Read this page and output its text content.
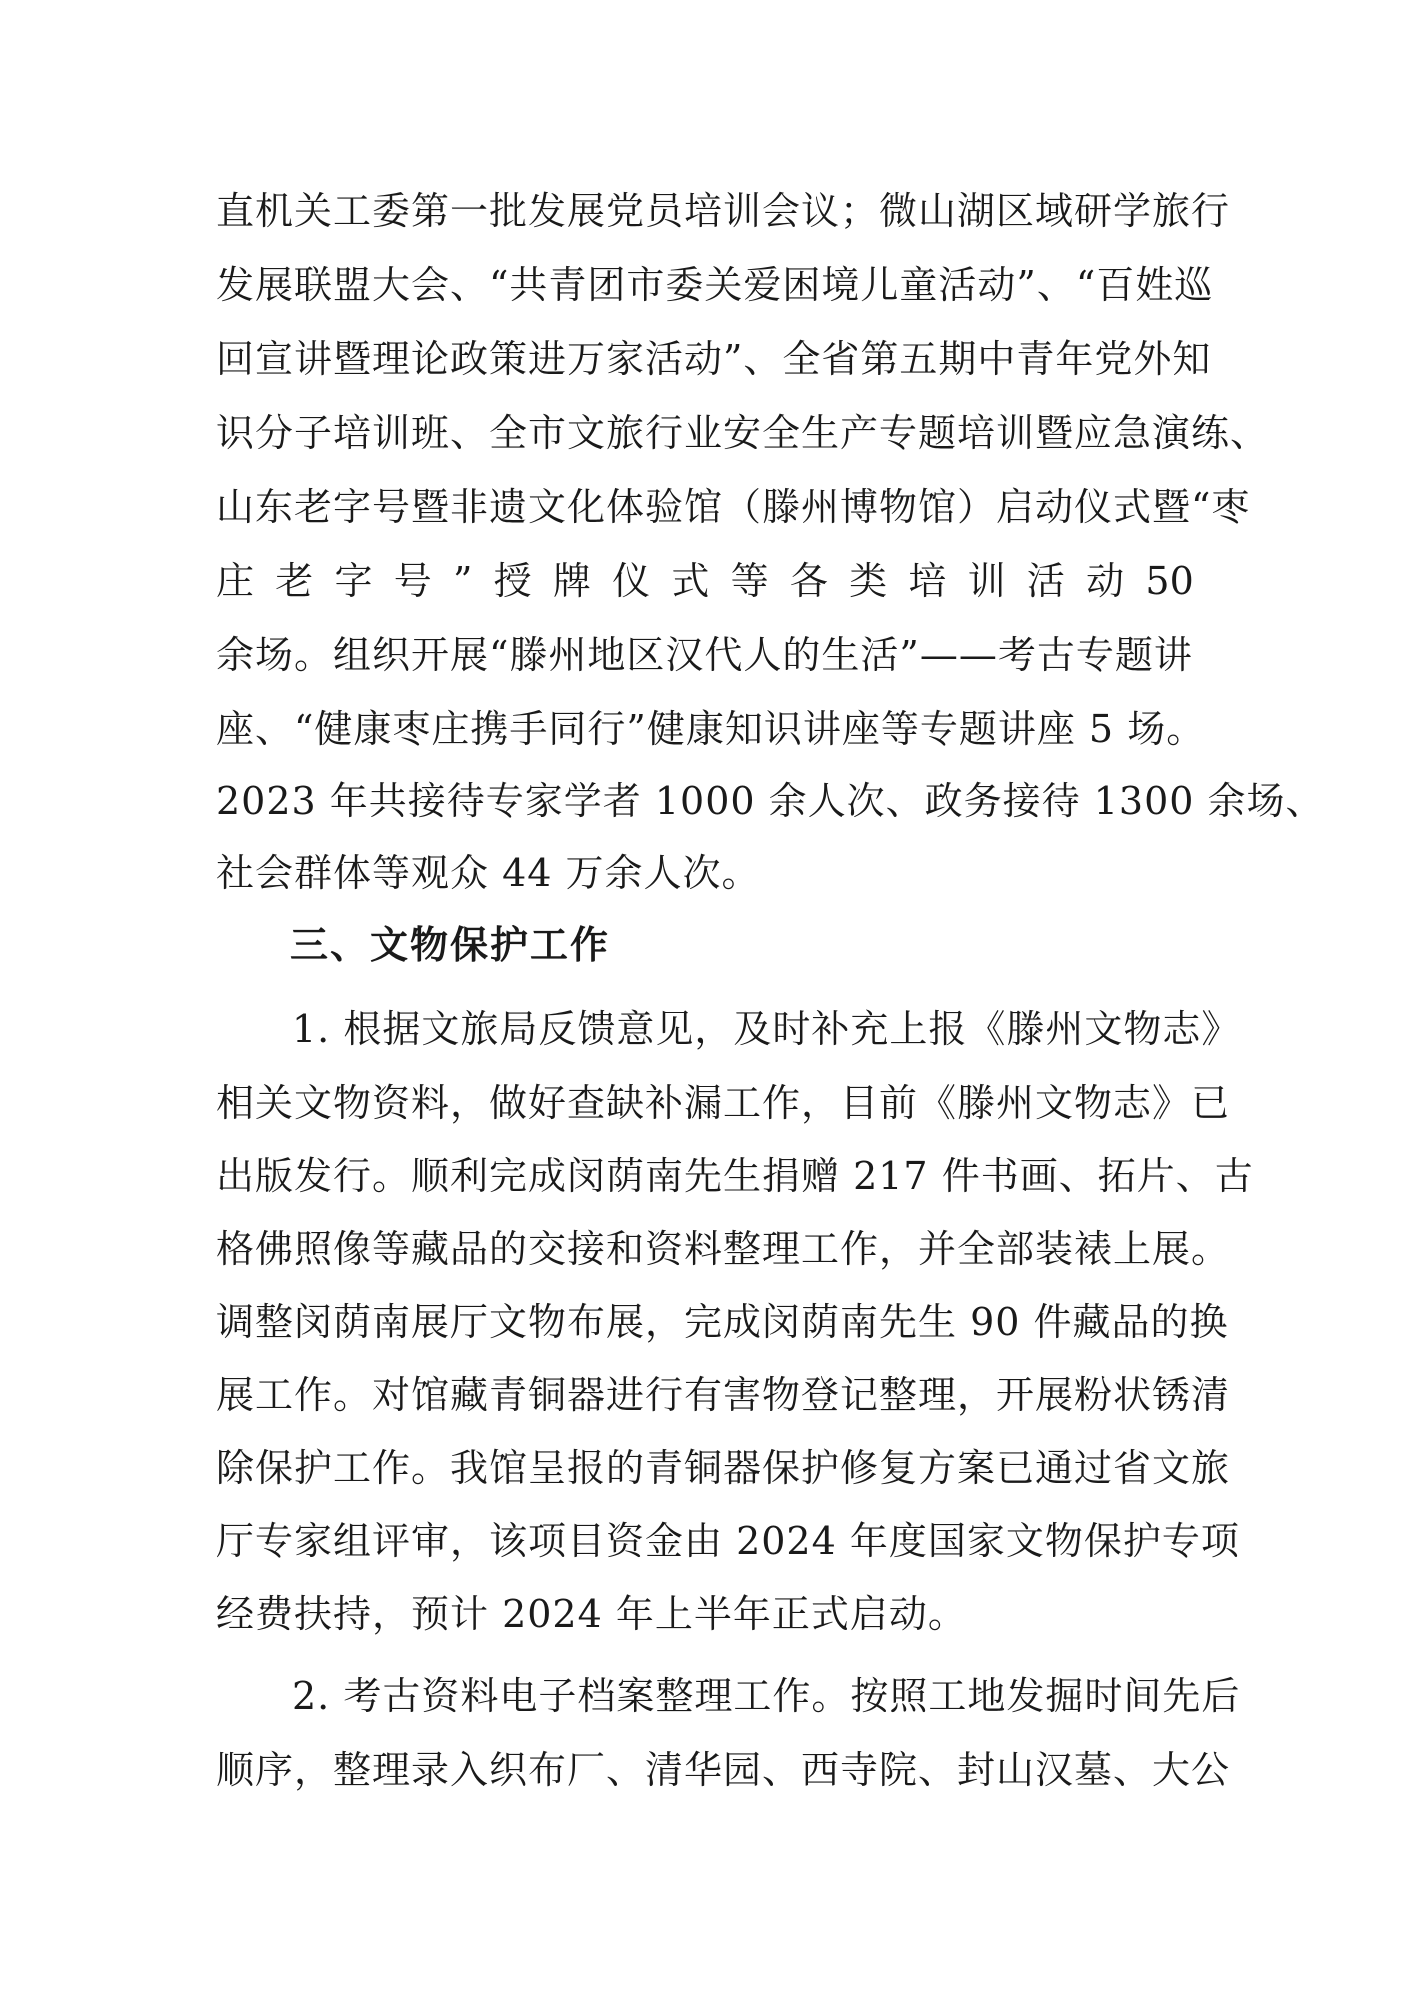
直机关工委第一批发展党员培训会议；微山湖区域研学旅行
发展联盟大会、“共青团市委关爱困境儿童活动”、“百姓巡
回宣讲暨理论政策进万家活动”、全省第五期中青年党外知
识分子培训班、全市文旅行业安全生产专题培训暨应急演练、
山东老字号暨非遗文化体验馆（滕州博物馆）启动仪式暨“枣
庄 老 字 号 ” 授 牌 仪 式 等 各 类 培 训 活 动 50
余场。组织开展“滕州地区汉代人的生活”——考古专题讲
座、“健康枣庄携手同行”健康知识讲座等专题讲座 5 场。
2023 年共接待专家学者 1000 余人次、政务接待 1300 余场、
社会群体等观众 44 万余人次。
三、文物保护工作
1. 根据文旅局反馈意见，及时补充上报《滕州文物志》
相关文物资料，做好查缺补漏工作，目前《滕州文物志》已
出版发行。顺利完成闵荫南先生捐赠 217 件书画、拓片、古
格佛照像等藏品的交接和资料整理工作，并全部装裱上展。
调整闵荫南展厅文物布展，完成闵荫南先生 90 件藏品的换
展工作。对馆藏青铜器进行有害物登记整理，开展粉状锈清
除保护工作。我馆呈报的青铜器保护修复方案已通过省文旅
厅专家组评审，该项目资金由 2024 年度国家文物保护专项
经费扶持，预计 2024 年上半年正式启动。
2. 考古资料电子档案整理工作。按照工地发掘时间先后
顺序，整理录入织布厂、清华园、西寺院、封山汉墓、大公
